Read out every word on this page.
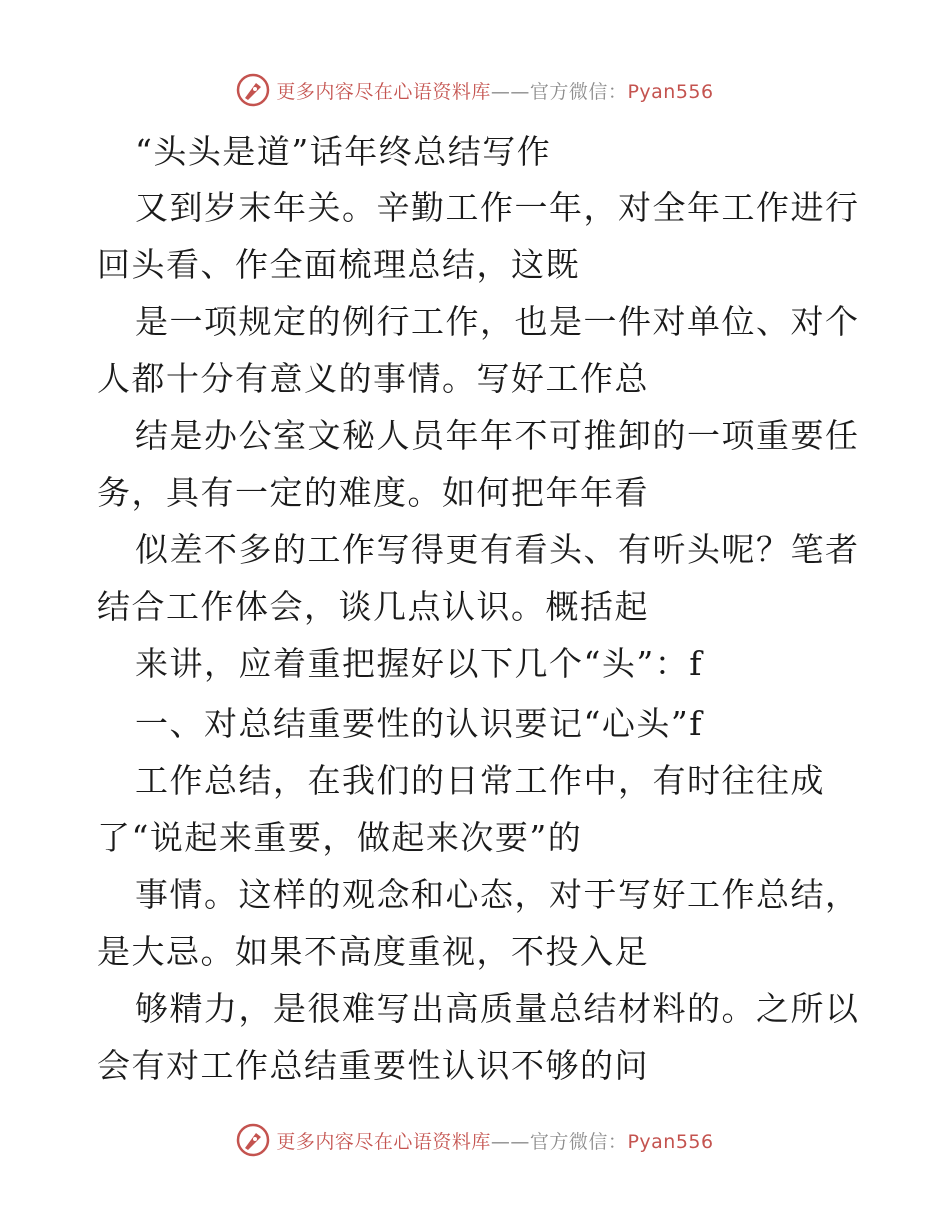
更多内容尽在心语资料库——官方微信：Pyan556
“头头是道”话年终总结写作
又到岁末年关。辛勤工作一年，对全年工作进行
回头看、作全面梳理总结，这既
是一项规定的例行工作，也是一件对单位、对个
人都十分有意义的事情。写好工作总
结是办公室文秘人员年年不可推卸的一项重要任
务，具有一定的难度。如何把年年看
似差不多的工作写得更有看头、有听头呢？笔者
结合工作体会，谈几点认识。概括起
来讲，应着重把握好以下几个“头”：f
一、对总结重要性的认识要记“心头”f
工作总结，在我们的日常工作中，有时往往成
了“说起来重要，做起来次要”的
事情。这样的观念和心态，对于写好工作总结，
是大忌。如果不高度重视，不投入足
够精力，是很难写出高质量总结材料的。之所以
会有对工作总结重要性认识不够的问
更多内容尽在心语资料库——官方微信：Pyan556
